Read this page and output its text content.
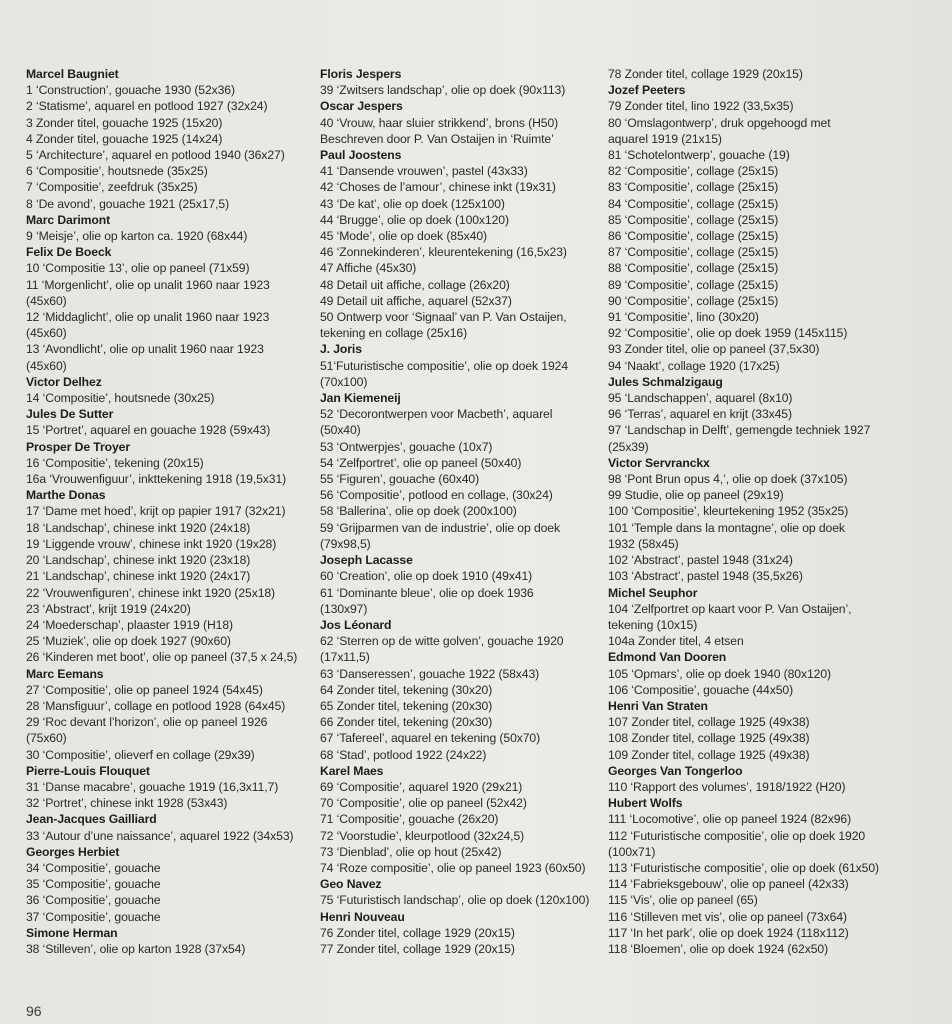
Marcel Baugniet
1 ‘Construction’, gouache 1930 (52x36)
2 ‘Statisme’, aquarel en potlood 1927 (32x24)
3 Zonder titel, gouache 1925 (15x20)
4 Zonder titel, gouache 1925 (14x24)
5 ‘Architecture’, aquarel en potlood 1940 (36x27)
6 ‘Compositie’, houtsnede (35x25)
7 ‘Compositie’, zeefdruk (35x25)
8 ‘De avond’, gouache 1921 (25x17,5)
Marc Darimont
9 ‘Meisje’, olie op karton ca. 1920 (68x44)
Felix De Boeck
10 ‘Compositie 13’, olie op paneel (71x59)
11 ‘Morgenlicht’, olie op unalit 1960 naar 1923
(45x60)
12 ‘Middaglicht’, olie op unalit 1960 naar 1923
(45x60)
13 ‘Avondlicht’, olie op unalit 1960 naar 1923
(45x60)
Victor Delhez
14 ‘Compositie’, houtsnede (30x25)
Jules De Sutter
15 ‘Portret’, aquarel en gouache 1928 (59x43)
Prosper De Troyer
16 ‘Compositie’, tekening (20x15)
16a ‘Vrouwenfiguur’, inkttekening 1918 (19,5x31)
Marthe Donas
17 ‘Dame met hoed’, krijt op papier 1917 (32x21)
18 ‘Landschap’, chinese inkt 1920 (24x18)
19 ‘Liggende vrouw’, chinese inkt 1920 (19x28)
20 ‘Landschap’, chinese inkt 1920 (23x18)
21 ‘Landschap’, chinese inkt 1920 (24x17)
22 ‘Vrouwenfiguren’, chinese inkt 1920 (25x18)
23 ‘Abstract’, krijt 1919 (24x20)
24 ‘Moederschap’, plaaster 1919 (H18)
25 ‘Muziek’, olie op doek 1927 (90x60)
26 ‘Kinderen met boot’, olie op paneel (37,5 x 24,5)
Marc Eemans
27 ‘Compositie’, olie op paneel 1924 (54x45)
28 ‘Mansfiguur’, collage en potlood 1928 (64x45)
29 ‘Roc devant l’horizon’, olie op paneel 1926
(75x60)
30 ‘Compositie’, olieverf en collage (29x39)
Pierre-Louis Flouquet
31 ‘Danse macabre’, gouache 1919 (16,3x11,7)
32 ‘Portret’, chinese inkt 1928 (53x43)
Jean-Jacques Gailliard
33 ‘Autour d’une naissance’, aquarel 1922 (34x53)
Georges Herbiet
34 ‘Compositie’, gouache
35 ‘Compositie’, gouache
36 ‘Compositie’, gouache
37 ‘Compositie’, gouache
Simone Herman
38 ‘Stilleven’, olie op karton 1928 (37x54)
Floris Jespers
39 ‘Zwitsers landschap’, olie op doek (90x113)
Oscar Jespers
40 ‘Vrouw, haar sluier strikkend’, brons (H50)
Beschreven door P. Van Ostaijen in ‘Ruimte’
Paul Joostens
41 ‘Dansende vrouwen’, pastel (43x33)
42 ‘Choses de l’amour’, chinese inkt (19x31)
43 ‘De kat’, olie op doek (125x100)
44 ‘Brugge’, olie op doek (100x120)
45 ‘Mode’, olie op doek (85x40)
46 ‘Zonnekinderen’, kleurentekening (16,5x23)
47 Affiche (45x30)
48 Detail uit affiche, collage (26x20)
49 Detail uit affiche, aquarel (52x37)
50 Ontwerp voor ‘Signaal’ van P. Van Ostaijen,
tekening en collage (25x16)
J. Joris
51‘Futuristische compositie’, olie op doek 1924
(70x100)
Jan Kiemeneij
52 ‘Decorontwerpen voor Macbeth’, aquarel
(50x40)
53 ‘Ontwerpjes’, gouache (10x7)
54 ‘Zelfportret’, olie op paneel (50x40)
55 ‘Figuren’, gouache (60x40)
56 ‘Compositie’, potlood en collage, (30x24)
58 ‘Ballerina’, olie op doek (200x100)
59 ‘Grijparmen van de industrie’, olie op doek
(79x98,5)
Joseph Lacasse
60 ‘Creation’, olie op doek 1910 (49x41)
61 ‘Dominante bleue’, olie op doek 1936
(130x97)
Jos Léonard
62 ‘Sterren op de witte golven’, gouache 1920
(17x11,5)
63 ‘Danseressen’, gouache 1922 (58x43)
64 Zonder titel, tekening (30x20)
65 Zonder titel, tekening (20x30)
66 Zonder titel, tekening (20x30)
67 ‘Tafereel’, aquarel en tekening (50x70)
68 ‘Stad’, potlood 1922 (24x22)
Karel Maes
69 ‘Compositie’, aquarel 1920 (29x21)
70 ‘Compositie’, olie op paneel (52x42)
71 ‘Compositie’, gouache (26x20)
72 ‘Voorstudie’, kleurpotlood (32x24,5)
73 ‘Dienblad’, olie op hout (25x42)
74 ‘Roze compositie’, olie op paneel 1923 (60x50)
Geo Navez
75 ‘Futuristisch landschap’, olie op doek (120x100)
Henri Nouveau
76 Zonder titel, collage 1929 (20x15)
77 Zonder titel, collage 1929 (20x15)
78 Zonder titel, collage 1929 (20x15)
Jozef Peeters
79 Zonder titel, lino 1922 (33,5x35)
80 ‘Omslagontwerp’, druk opgehoogd met
aquarel 1919 (21x15)
81 ‘Schotelontwerp’, gouache (19)
82 ‘Compositie’, collage (25x15)
83 ‘Compositie’, collage (25x15)
84 ‘Compositie’, collage (25x15)
85 ‘Compositie’, collage (25x15)
86 ‘Compositie’, collage (25x15)
87 ‘Compositie’, collage (25x15)
88 ‘Compositie’, collage (25x15)
89 ‘Compositie’, collage (25x15)
90 ‘Compositie’, collage (25x15)
91 ‘Compositie’, lino (30x20)
92 ‘Compositie’, olie op doek 1959 (145x115)
93 Zonder titel, olie op paneel (37,5x30)
94 ‘Naakt’, collage 1920 (17x25)
Jules Schmalzigaug
95 ‘Landschappen’, aquarel (8x10)
96 ‘Terras’, aquarel en krijt (33x45)
97 ‘Landschap in Delft’, gemengde techniek 1927
(25x39)
Victor Servranckx
98 ‘Pont Brun opus 4,’, olie op doek (37x105)
99 Studie, olie op paneel (29x19)
100 ‘Compositie’, kleurtekening 1952 (35x25)
101 ‘Temple dans la montagne’, olie op doek
1932 (58x45)
102 ‘Abstract’, pastel 1948 (31x24)
103 ‘Abstract’, pastel 1948 (35,5x26)
Michel Seuphor
104 ‘Zelfportret op kaart voor P. Van Ostaijen’,
tekening (10x15)
104a Zonder titel, 4 etsen
Edmond Van Dooren
105 ‘Opmars’, olie op doek 1940 (80x120)
106 ‘Compositie’, gouache (44x50)
Henri Van Straten
107 Zonder titel, collage 1925 (49x38)
108 Zonder titel, collage 1925 (49x38)
109 Zonder titel, collage 1925 (49x38)
Georges Van Tongerloo
110 ‘Rapport des volumes’, 1918/1922 (H20)
Hubert Wolfs
111 ‘Locomotive’, olie op paneel 1924 (82x96)
112 ‘Futuristische compositie’, olie op doek 1920
(100x71)
113 ‘Futuristische compositie’, olie op doek (61x50)
114 ‘Fabrieksgebouw’, olie op paneel (42x33)
115 ‘Vis’, olie op paneel (65)
116 ‘Stilleven met vis’, olie op paneel (73x64)
117 ‘In het park’, olie op doek 1924 (118x112)
118 ‘Bloemen’, olie op doek 1924 (62x50)
96
